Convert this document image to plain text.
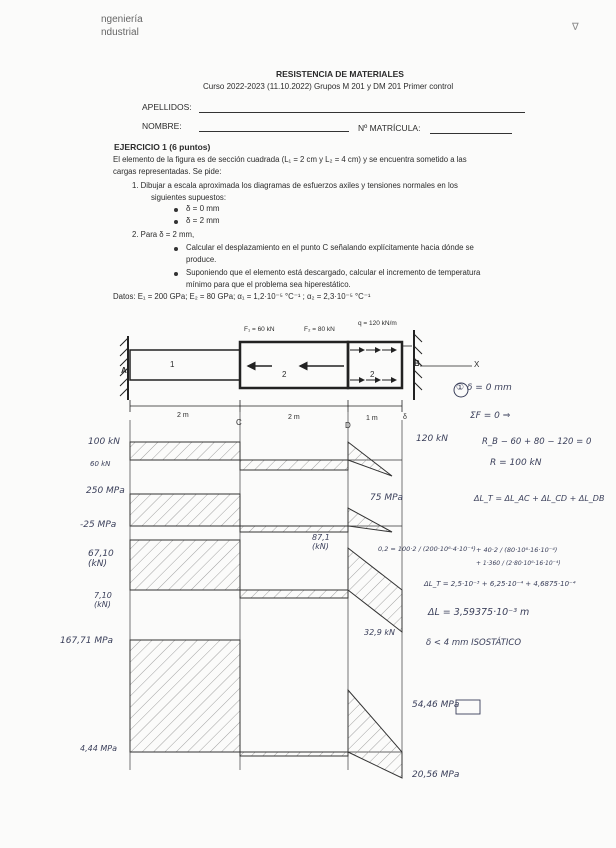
ngeniería
ndustrial	∇
RESISTENCIA DE MATERIALES
Curso 2022-2023 (11.10.2022) Grupos M 201 y DM 201 Primer control
APELLIDOS:
NOMBRE:	Nº MATRÍCULA:
EJERCICIO 1 (6 puntos)
El elemento de la figura es de sección cuadrada (L₁ = 2 cm y L₂ = 4 cm) y se encuentra sometido a las
cargas representadas. Se pide:
1. Dibujar a escala aproximada los diagramas de esfuerzos axiles y tensiones normales en los
siguientes supuestos:
δ = 0 mm
δ = 2 mm
2. Para δ = 2 mm,
Calcular el desplazamiento en el punto C señalando explícitamente hacia dónde se
produce.
Suponiendo que el elemento está descargado, calcular el incremento de temperatura
mínimo para que el problema sea hiperestático.
Datos: E₁ = 200 GPa; E₂ = 80 GPa; α₁ = 1,2·10⁻⁵ °C⁻¹ ; α₂ = 2,3·10⁻⁵ °C⁻¹
F₁ = 60 kN	F₂ = 80 kN
q = 120 kN/m
1
2	2
A
B
C	D
X
δ
2 m	2 m	1 m
100 kN
60 kN
120 kN
250 MPa
75 MPa
-25 MPa
67,10 (kN)
87,1 (kN)
7,10 (kN)
32,9 kN
167,71 MPa
54,46 MPa
4,44 MPa
20,56 MPa
① δ = 0 mm
ΣF = 0 ⇒
R_B − 60 + 80 − 120 = 0
R = 100 kN
ΔL_T = ΔL_AC + ΔL_CD + ΔL_DB
0,2 = 100·2 / (200·10⁶·4·10⁻⁴) + 40·2 / (80·10⁶·16·10⁻⁴)
+ 1·360 / (2·80·10⁶·16·10⁻⁴)
ΔL_T = 2,5·10⁻³ + 6,25·10⁻⁴ + 4,6875·10⁻⁴
ΔL = 3,59375·10⁻³ m
δ < 4 mm ISOSTÁTICO
